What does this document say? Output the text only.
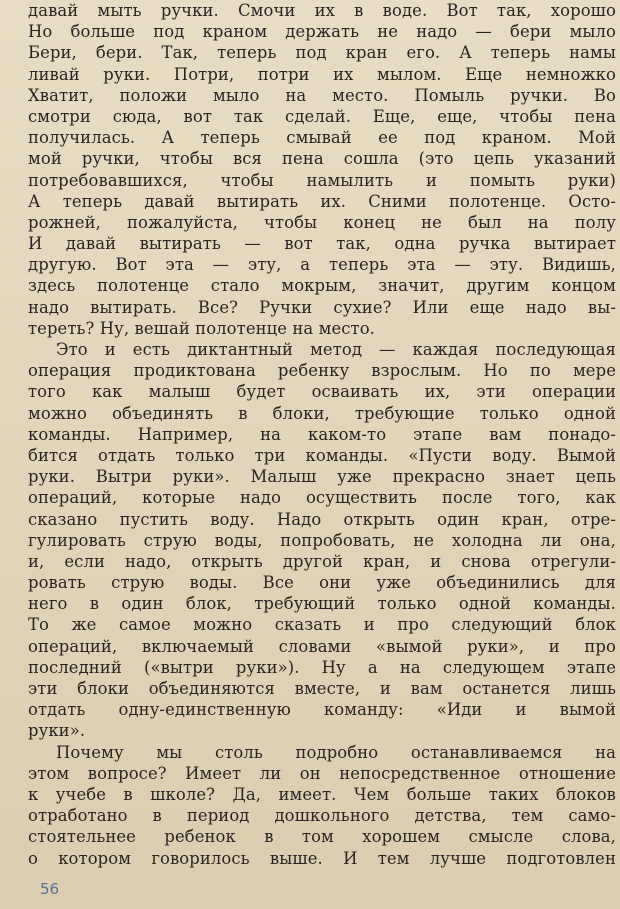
давай мыть ручки. Смочи их в воде. Вот так, хорошо
Но больше под краном держать не надо — бери мыло
Бери, бери. Так, теперь под кран его. А теперь намы
ливай руки. Потри, потри их мылом. Еще немножко
Хватит, положи мыло на место. Помыль ручки. Во
смотри сюда, вот так сделай. Еще, еще, чтобы пена
получилась. А теперь смывай ее под краном. Мой
мой ручки, чтобы вся пена сошла (это цепь указаний
потребовавшихся, чтобы намылить и помыть руки)
А теперь давай вытирать их. Сними полотенце. Осто-
рожней, пожалуйста, чтобы конец не был на полу
И давай вытирать — вот так, одна ручка вытирает
другую. Вот эта — эту, а теперь эта — эту. Видишь,
здесь полотенце стало мокрым, значит, другим концом
надо вытирать. Все? Ручки сухие? Или еще надо вы-
тереть? Ну, вешай полотенце на место.
Это и есть диктантный метод — каждая последующая
операция продиктована ребенку взрослым. Но по мере
того как малыш будет осваивать их, эти операции
можно объединять в блоки, требующие только одной
команды. Например, на каком-то этапе вам понадо-
бится отдать только три команды. «Пусти воду. Вымой
руки. Вытри руки». Малыш уже прекрасно знает цепь
операций, которые надо осуществить после того, как
сказано пустить воду. Надо открыть один кран, отре-
гулировать струю воды, попробовать, не холодна ли она,
и, если надо, открыть другой кран, и снова отрегули-
ровать струю воды. Все они уже объединились для
него в один блок, требующий только одной команды.
То же самое можно сказать и про следующий блок
операций, включаемый словами «вымой руки», и про
последний («вытри руки»). Ну а на следующем этапе
эти блоки объединяются вместе, и вам останется лишь
отдать одну-единственную команду: «Иди и вымой
руки».
Почему мы столь подробно останавливаемся на
этом вопросе? Имеет ли он непосредственное отношение
к учебе в школе? Да, имеет. Чем больше таких блоков
отработано в период дошкольного детства, тем само-
стоятельнее ребенок в том хорошем смысле слова,
о котором говорилось выше. И тем лучше подготовлен
56
